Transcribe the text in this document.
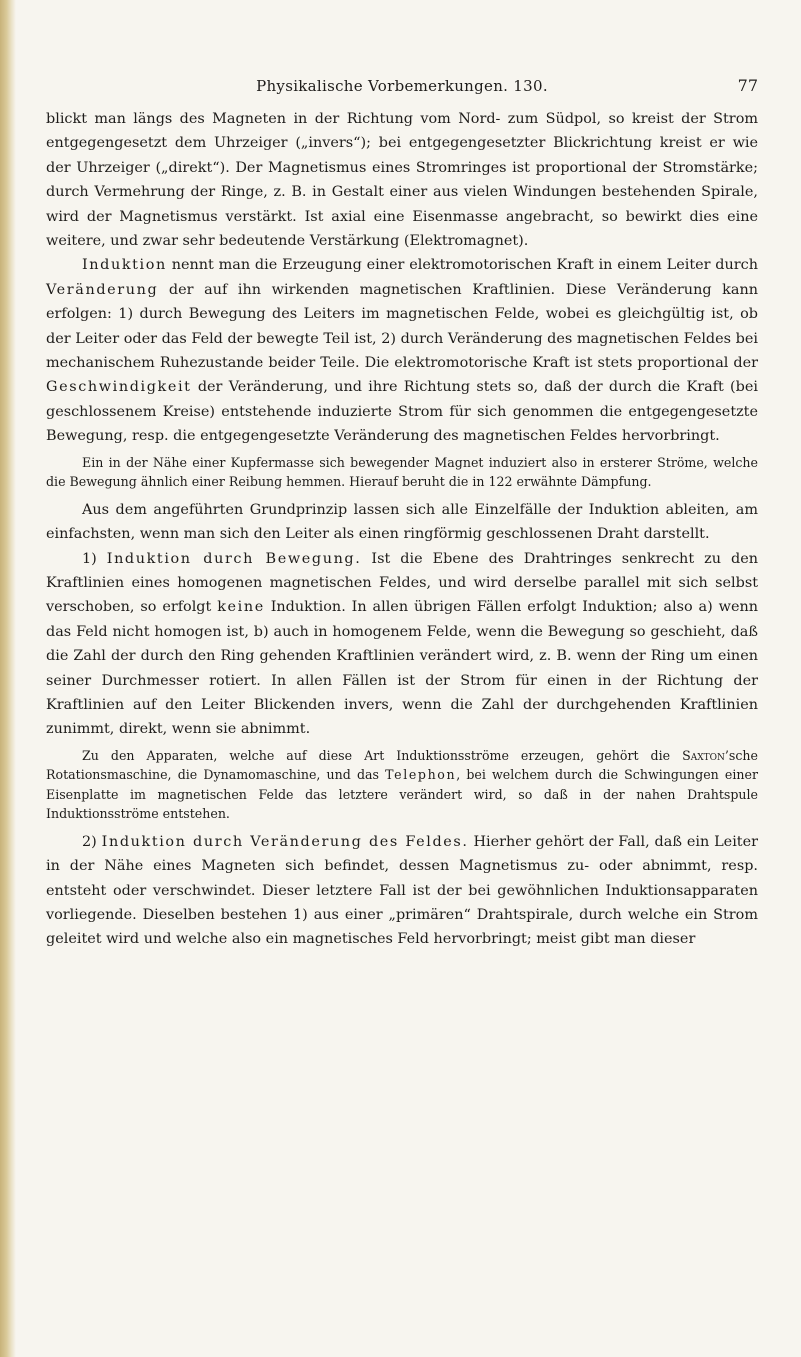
Physikalische Vorbemerkungen. 130.	77

blickt man längs des Magneten in der Richtung vom Nord- zum Südpol, so kreist der Strom entgegengesetzt dem Uhrzeiger („invers“); bei entgegengesetzter Blickrichtung kreist er wie der Uhrzeiger („direkt“). Der Magnetismus eines Stromringes ist proportional der Stromstärke; durch Vermehrung der Ringe, z. B. in Gestalt einer aus vielen Windungen bestehenden Spirale, wird der Magnetismus verstärkt. Ist axial eine Eisenmasse angebracht, so bewirkt dies eine weitere, und zwar sehr bedeutende Verstärkung (Elektromagnet).

Induktion nennt man die Erzeugung einer elektromotorischen Kraft in einem Leiter durch Veränderung der auf ihn wirkenden magnetischen Kraftlinien. Diese Veränderung kann erfolgen: 1) durch Bewegung des Leiters im magnetischen Felde, wobei es gleichgültig ist, ob der Leiter oder das Feld der bewegte Teil ist, 2) durch Veränderung des magnetischen Feldes bei mechanischem Ruhezustande beider Teile. Die elektromotorische Kraft ist stets proportional der Geschwindigkeit der Veränderung, und ihre Richtung stets so, daß der durch die Kraft (bei geschlossenem Kreise) entstehende induzierte Strom für sich genommen die entgegengesetzte Bewegung, resp. die entgegengesetzte Veränderung des magnetischen Feldes hervorbringt.

Ein in der Nähe einer Kupfermasse sich bewegender Magnet induziert also in ersterer Ströme, welche die Bewegung ähnlich einer Reibung hemmen. Hierauf beruht die in 122 erwähnte Dämpfung.

Aus dem angeführten Grundprinzip lassen sich alle Einzelfälle der Induktion ableiten, am einfachsten, wenn man sich den Leiter als einen ringförmig geschlossenen Draht darstellt.

1) Induktion durch Bewegung. Ist die Ebene des Drahtringes senkrecht zu den Kraftlinien eines homogenen magnetischen Feldes, und wird derselbe parallel mit sich selbst verschoben, so erfolgt keine Induktion. In allen übrigen Fällen erfolgt Induktion; also a) wenn das Feld nicht homogen ist, b) auch in homogenem Felde, wenn die Bewegung so geschieht, daß die Zahl der durch den Ring gehenden Kraftlinien verändert wird, z. B. wenn der Ring um einen seiner Durchmesser rotiert. In allen Fällen ist der Strom für einen in der Richtung der Kraftlinien auf den Leiter Blickenden invers, wenn die Zahl der durchgehenden Kraftlinien zunimmt, direkt, wenn sie abnimmt.

Zu den Apparaten, welche auf diese Art Induktionsströme erzeugen, gehört die Saxton’sche Rotationsmaschine, die Dynamomaschine, und das Telephon, bei welchem durch die Schwingungen einer Eisenplatte im magnetischen Felde das letztere verändert wird, so daß in der nahen Drahtspule Induktionsströme entstehen.

2) Induktion durch Veränderung des Feldes. Hierher gehört der Fall, daß ein Leiter in der Nähe eines Magneten sich befindet, dessen Magnetismus zu- oder abnimmt, resp. entsteht oder verschwindet. Dieser letztere Fall ist der bei gewöhnlichen Induktionsapparaten vorliegende. Dieselben bestehen 1) aus einer „primären“ Drahtspirale, durch welche ein Strom geleitet wird und welche also ein magnetisches Feld hervorbringt; meist gibt man dieser
